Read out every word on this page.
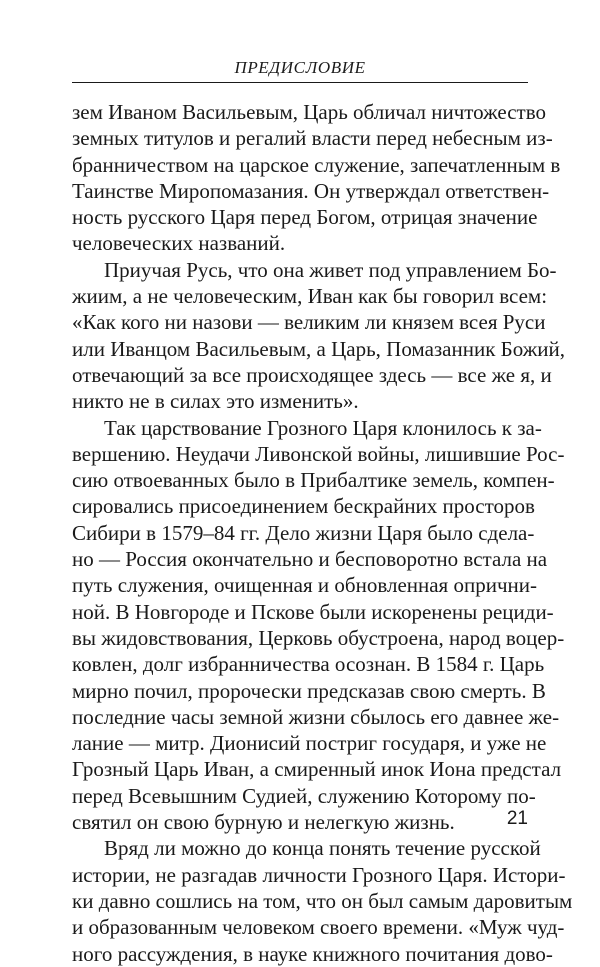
ПРЕДИСЛОВИЕ

зем Иваном Васильевым, Царь обличал ничтожество
земных титулов и регалий власти перед небесным из-
бранничеством на царское служение, запечатленным в
Таинстве Миропомазания. Он утверждал ответствен-
ность русского Царя перед Богом, отрицая значение
человеческих названий.

Приучая Русь, что она живет под управлением Бо-
жиим, а не человеческим, Иван как бы говорил всем:
«Как кого ни назови — великим ли князем всея Руси
или Иванцом Васильевым, а Царь, Помазанник Божий,
отвечающий за все происходящее здесь — все же я, и
никто не в силах это изменить».

Так царствование Грозного Царя клонилось к за-
вершению. Неудачи Ливонской войны, лишившие Рос-
сию отвоеванных было в Прибалтике земель, компен-
сировались присоединением бескрайних просторов
Сибири в 1579–84 гг. Дело жизни Царя было сдела-
но — Россия окончательно и бесповоротно встала на
путь служения, очищенная и обновленная опрични-
ной. В Новгороде и Пскове были искоренены рециди-
вы жидовствования, Церковь обустроена, народ воцер-
ковлен, долг избранничества осознан. В 1584 г. Царь
мирно почил, пророчески предсказав свою смерть. В
последние часы земной жизни сбылось его давнее же-
лание — митр. Дионисий постриг государя, и уже не
Грозный Царь Иван, а смиренный инок Иона предстал
перед Всевышним Судией, служению Которому по-
святил он свою бурную и нелегкую жизнь.

Вряд ли можно до конца понять течение русской
истории, не разгадав личности Грозного Царя. Истори-
ки давно сошлись на том, что он был самым даровитым
и образованным человеком своего времени. «Муж чуд-
ного рассуждения, в науке книжного почитания дово-

21
